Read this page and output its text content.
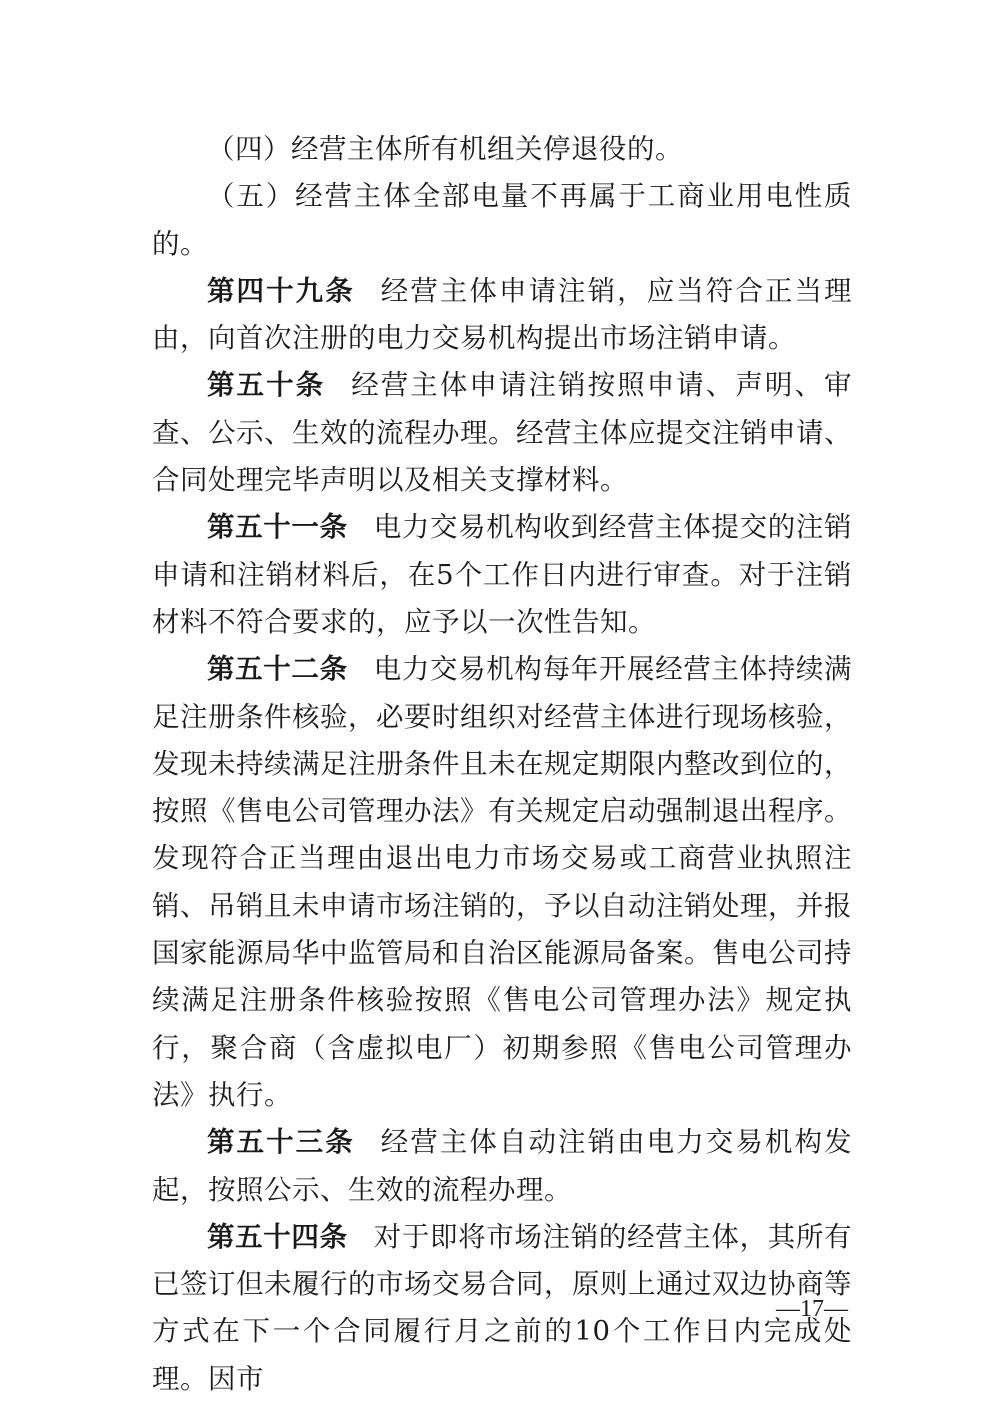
（四）经营主体所有机组关停退役的。

（五）经营主体全部电量不再属于工商业用电性质的。

第四十九条 经营主体申请注销，应当符合正当理由，向首次注册的电力交易机构提出市场注销申请。

第五十条 经营主体申请注销按照申请、声明、审查、公示、生效的流程办理。经营主体应提交注销申请、合同处理完毕声明以及相关支撑材料。

第五十一条 电力交易机构收到经营主体提交的注销申请和注销材料后，在5个工作日内进行审查。对于注销材料不符合要求的，应予以一次性告知。

第五十二条 电力交易机构每年开展经营主体持续满足注册条件核验，必要时组织对经营主体进行现场核验，发现未持续满足注册条件且未在规定期限内整改到位的，按照《售电公司管理办法》有关规定启动强制退出程序。发现符合正当理由退出电力市场交易或工商营业执照注销、吊销且未申请市场注销的，予以自动注销处理，并报国家能源局华中监管局和自治区能源局备案。售电公司持续满足注册条件核验按照《售电公司管理办法》规定执行，聚合商（含虚拟电厂）初期参照《售电公司管理办法》执行。

第五十三条 经营主体自动注销由电力交易机构发起，按照公示、生效的流程办理。

第五十四条 对于即将市场注销的经营主体，其所有已签订但未履行的市场交易合同，原则上通过双边协商等方式在下一个合同履行月之前的10个工作日内完成处理。因市

—17—
